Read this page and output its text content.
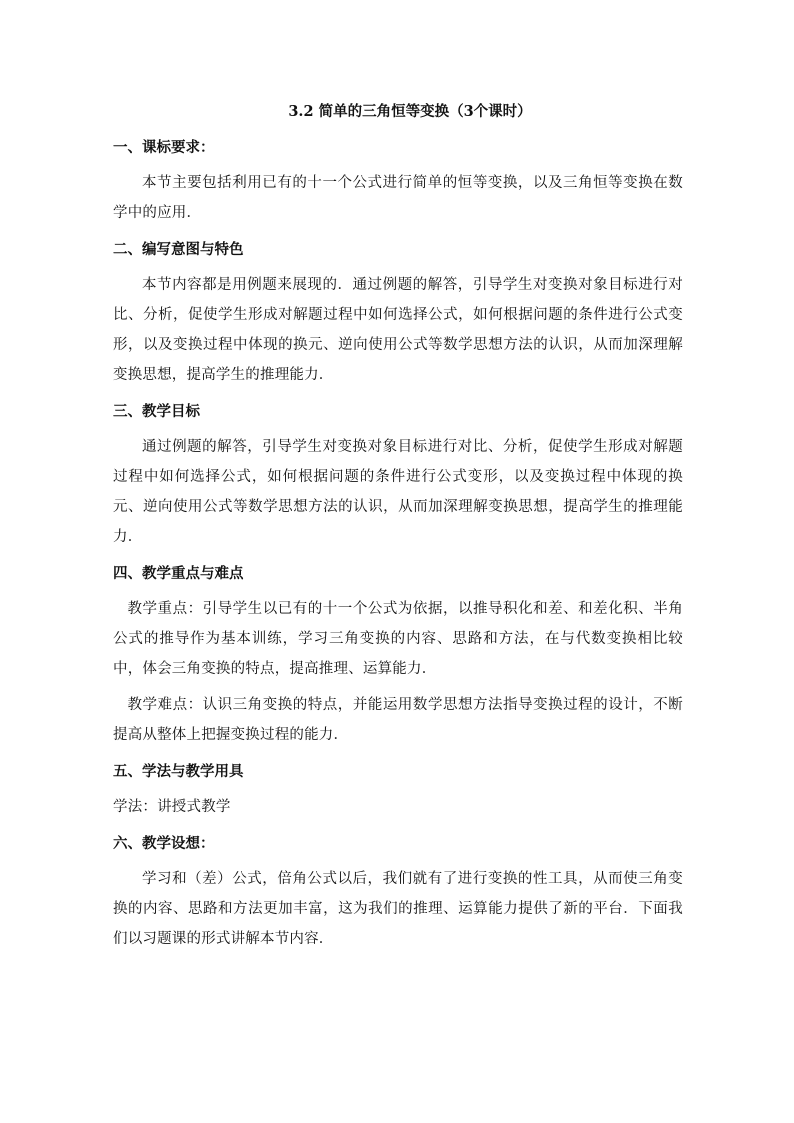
3.2 简单的三角恒等变换（3个课时）
一、课标要求：

本节主要包括利用已有的十一个公式进行简单的恒等变换，以及三角恒等变换在数学中的应用．

二、编写意图与特色

本节内容都是用例题来展现的．通过例题的解答，引导学生对变换对象目标进行对比、分析，促使学生形成对解题过程中如何选择公式，如何根据问题的条件进行公式变形，以及变换过程中体现的换元、逆向使用公式等数学思想方法的认识，从而加深理解变换思想，提高学生的推理能力．

三、教学目标

通过例题的解答，引导学生对变换对象目标进行对比、分析，促使学生形成对解题过程中如何选择公式，如何根据问题的条件进行公式变形，以及变换过程中体现的换元、逆向使用公式等数学思想方法的认识，从而加深理解变换思想，提高学生的推理能力．

四、教学重点与难点

教学重点：引导学生以已有的十一个公式为依据，以推导积化和差、和差化积、半角公式的推导作为基本训练，学习三角变换的内容、思路和方法，在与代数变换相比较中，体会三角变换的特点，提高推理、运算能力．

教学难点：认识三角变换的特点，并能运用数学思想方法指导变换过程的设计，不断提高从整体上把握变换过程的能力．

五、学法与教学用具

学法：讲授式教学

六、教学设想：

学习和（差）公式，倍角公式以后，我们就有了进行变换的性工具，从而使三角变换的内容、思路和方法更加丰富，这为我们的推理、运算能力提供了新的平台．下面我们以习题课的形式讲解本节内容．
